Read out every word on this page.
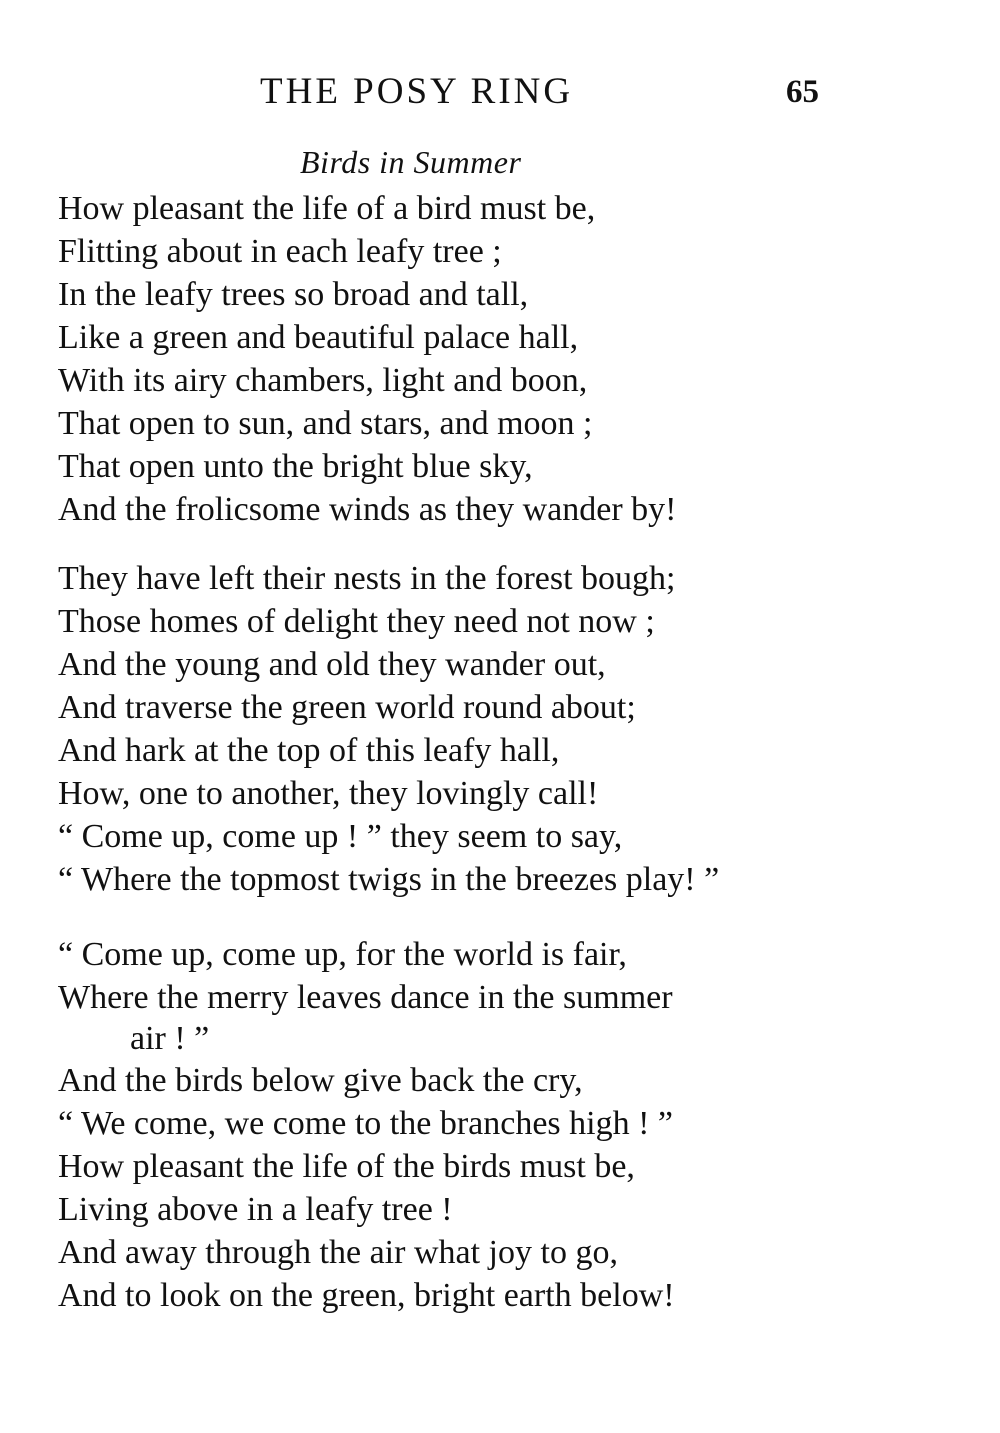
THE POSY RING	65
Birds in Summer
How pleasant the life of a bird must be,
Flitting about in each leafy tree ;
In the leafy trees so broad and tall,
Like a green and beautiful palace hall,
With its airy chambers, light and boon,
That open to sun, and stars, and moon ;
That open unto the bright blue sky,
And the frolicsome winds as they wander by!
They have left their nests in the forest bough;
Those homes of delight they need not now ;
And the young and old they wander out,
And traverse the green world round about;
And hark at the top of this leafy hall,
How, one to another, they lovingly call!
“ Come up, come up ! ” they seem to say,
“ Where the topmost twigs in the breezes play! ”
“ Come up, come up, for the world is fair,
Where the merry leaves dance in the summer
air ! ”
And the birds below give back the cry,
“ We come, we come to the branches high ! ”
How pleasant the life of the birds must be,
Living above in a leafy tree !
And away through the air what joy to go,
And to look on the green, bright earth below!
